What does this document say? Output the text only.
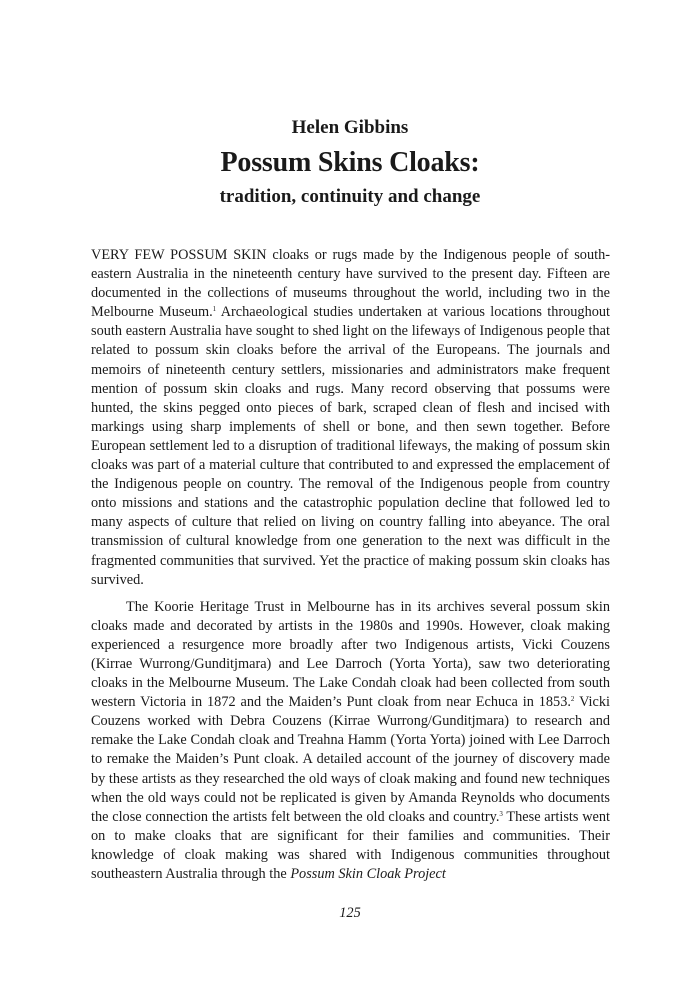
Helen Gibbins
Possum Skins Cloaks:
tradition, continuity and change

VERY FEW POSSUM SKIN cloaks or rugs made by the Indigenous people of south-eastern Australia in the nineteenth century have survived to the present day. Fifteen are documented in the collections of museums throughout the world, including two in the Melbourne Museum.$^1$ Archaeological studies undertaken at various locations throughout south eastern Australia have sought to shed light on the lifeways of Indigenous people that related to possum skin cloaks before the arrival of the Europeans. The journals and memoirs of nineteenth century settlers, missionaries and administrators make frequent mention of possum skin cloaks and rugs. Many record observing that possums were hunted, the skins pegged onto pieces of bark, scraped clean of flesh and incised with markings using sharp implements of shell or bone, and then sewn together. Before European settlement led to a disruption of traditional lifeways, the making of possum skin cloaks was part of a material culture that contributed to and expressed the emplacement of the Indigenous people on country. The removal of the Indigenous people from country onto missions and stations and the catastrophic population decline that followed led to many aspects of culture that relied on living on country falling into abeyance. The oral transmission of cultural knowledge from one generation to the next was difficult in the fragmented communities that survived. Yet the practice of making possum skin cloaks has survived.

The Koorie Heritage Trust in Melbourne has in its archives several possum skin cloaks made and decorated by artists in the 1980s and 1990s. However, cloak making experienced a resurgence more broadly after two Indigenous artists, Vicki Couzens (Kirrae Wurrong/Gunditjmara) and Lee Darroch (Yorta Yorta), saw two deteriorating cloaks in the Melbourne Museum. The Lake Condah cloak had been collected from south western Victoria in 1872 and the Maiden’s Punt cloak from near Echuca in 1853.$^2$ Vicki Couzens worked with Debra Couzens (Kirrae Wurrong/Gunditjmara) to research and remake the Lake Condah cloak and Treahna Hamm (Yorta Yorta) joined with Lee Darroch to remake the Maiden’s Punt cloak. A detailed account of the journey of discovery made by these artists as they researched the old ways of cloak making and found new techniques when the old ways could not be replicated is given by Amanda Reynolds who documents the close connection the artists felt between the old cloaks and country.$^3$ These artists went on to make cloaks that are significant for their families and communities. Their knowledge of cloak making was shared with Indigenous communities throughout southeastern Australia through the Possum Skin Cloak Project

125
